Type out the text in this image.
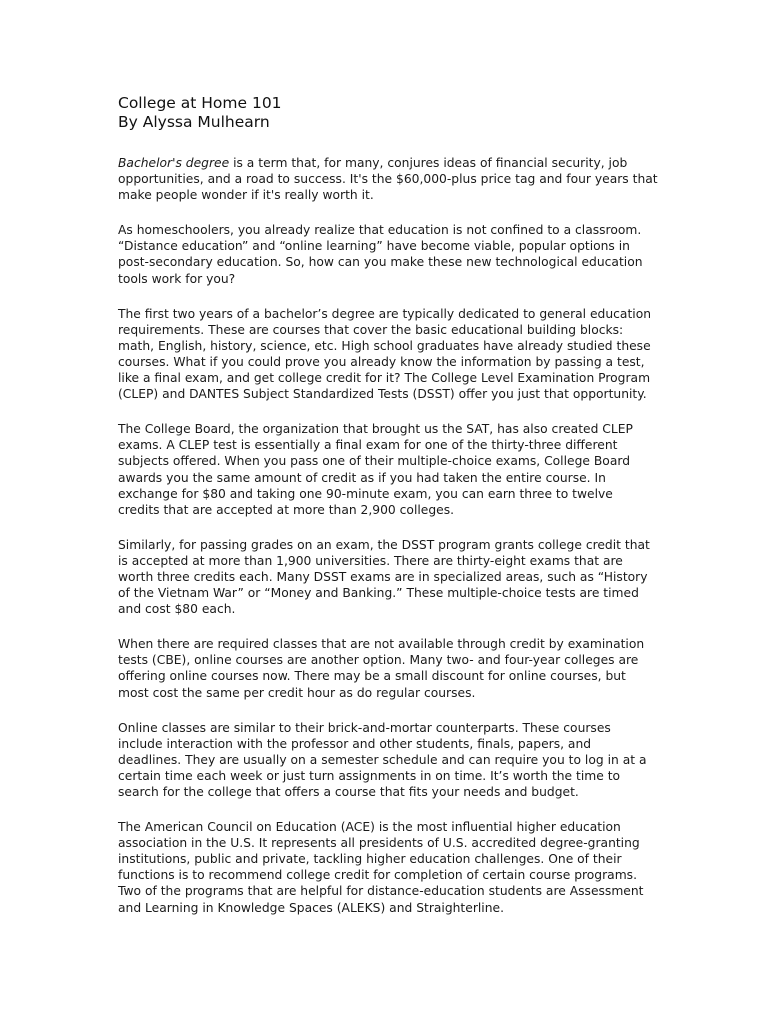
College at Home 101
By Alyssa Mulhearn

Bachelor's degree is a term that, for many, conjures ideas of financial security, job opportunities, and a road to success. It's the $60,000-plus price tag and four years that make people wonder if it's really worth it.

As homeschoolers, you already realize that education is not confined to a classroom. “Distance education” and “online learning” have become viable, popular options in post-secondary education. So, how can you make these new technological education tools work for you?

The first two years of a bachelor’s degree are typically dedicated to general education requirements. These are courses that cover the basic educational building blocks: math, English, history, science, etc. High school graduates have already studied these courses. What if you could prove you already know the information by passing a test, like a final exam, and get college credit for it? The College Level Examination Program (CLEP) and DANTES Subject Standardized Tests (DSST) offer you just that opportunity.

The College Board, the organization that brought us the SAT, has also created CLEP exams. A CLEP test is essentially a final exam for one of the thirty-three different subjects offered. When you pass one of their multiple-choice exams, College Board awards you the same amount of credit as if you had taken the entire course. In exchange for $80 and taking one 90-minute exam, you can earn three to twelve credits that are accepted at more than 2,900 colleges.

Similarly, for passing grades on an exam, the DSST program grants college credit that is accepted at more than 1,900 universities. There are thirty-eight exams that are worth three credits each. Many DSST exams are in specialized areas, such as “History of the Vietnam War” or “Money and Banking.” These multiple-choice tests are timed and cost $80 each.

When there are required classes that are not available through credit by examination tests (CBE), online courses are another option. Many two- and four-year colleges are offering online courses now. There may be a small discount for online courses, but most cost the same per credit hour as do regular courses.

Online classes are similar to their brick-and-mortar counterparts. These courses include interaction with the professor and other students, finals, papers, and deadlines. They are usually on a semester schedule and can require you to log in at a certain time each week or just turn assignments in on time. It’s worth the time to search for the college that offers a course that fits your needs and budget.

The American Council on Education (ACE) is the most influential higher education association in the U.S. It represents all presidents of U.S. accredited degree-granting institutions, public and private, tackling higher education challenges. One of their functions is to recommend college credit for completion of certain course programs. Two of the programs that are helpful for distance-education students are Assessment and Learning in Knowledge Spaces (ALEKS) and Straighterline.
